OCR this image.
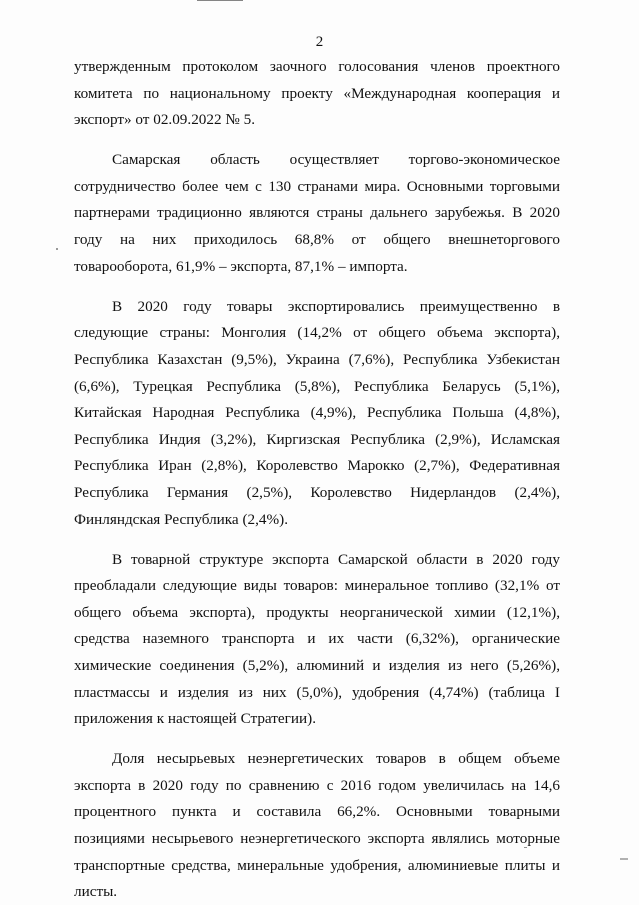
2

утвержденным протоколом заочного голосования членов проектного комитета по национальному проекту «Международная кооперация и экспорт» от 02.09.2022 № 5.

Самарская область осуществляет торгово-экономическое сотрудничество более чем с 130 странами мира. Основными торговыми партнерами традиционно являются страны дальнего зарубежья. В 2020 году на них приходилось 68,8% от общего внешнеторгового товарооборота, 61,9% – экспорта, 87,1% – импорта.

В 2020 году товары экспортировались преимущественно в следующие страны: Монголия (14,2% от общего объема экспорта), Республика Казахстан (9,5%), Украина (7,6%), Республика Узбекистан (6,6%), Турецкая Республика (5,8%), Республика Беларусь (5,1%), Китайская Народная Республика (4,9%), Республика Польша (4,8%), Республика Индия (3,2%), Киргизская Республика (2,9%), Исламская Республика Иран (2,8%), Королевство Марокко (2,7%), Федеративная Республика Германия (2,5%), Королевство Нидерландов (2,4%), Финляндская Республика (2,4%).

В товарной структуре экспорта Самарской области в 2020 году преобладали следующие виды товаров: минеральное топливо (32,1% от общего объема экспорта), продукты неорганической химии (12,1%), средства наземного транспорта и их части (6,32%), органические химические соединения (5,2%), алюминий и изделия из него (5,26%), пластмассы и изделия из них (5,0%), удобрения (4,74%) (таблица I приложения к настоящей Стратегии).

Доля несырьевых неэнергетических товаров в общем объеме экспорта в 2020 году по сравнению с 2016 годом увеличилась на 14,6 процентного пункта и составила 66,2%. Основными товарными позициями несырьевого неэнергетического экспорта являлись моторные транспортные средства, минеральные удобрения, алюминиевые плиты и листы.
